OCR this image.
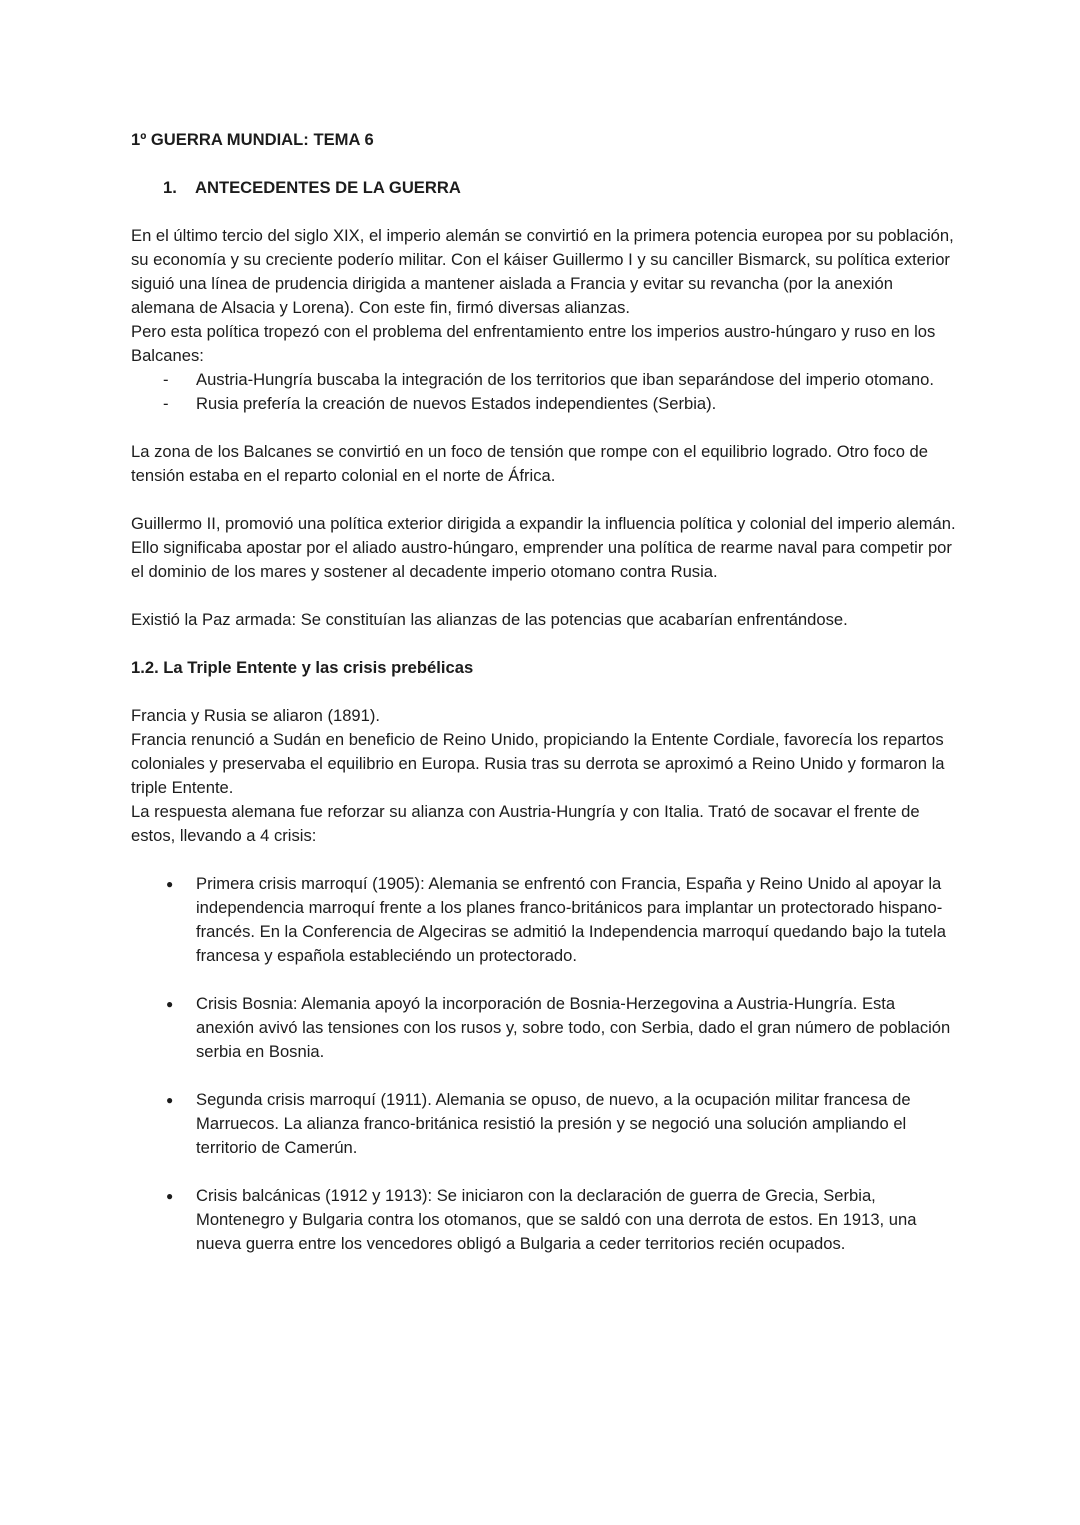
1º GUERRA MUNDIAL: TEMA 6

1.	ANTECEDENTES DE LA GUERRA

En el último tercio del siglo XIX, el imperio alemán se convirtió en la primera potencia europea por su población, su economía y su creciente poderío militar. Con el káiser Guillermo I y su canciller Bismarck, su política exterior siguió una línea de prudencia dirigida a mantener aislada a Francia y evitar su revancha (por la anexión alemana de Alsacia y Lorena). Con este fin, firmó diversas alianzas.

Pero esta política tropezó con el problema del enfrentamiento entre los imperios austro-húngaro y ruso en los Balcanes:

- Austria-Hungría buscaba la integración de los territorios que iban separándose del imperio otomano.
- Rusia prefería la creación de nuevos Estados independientes (Serbia).

La zona de los Balcanes se convirtió en un foco de tensión que rompe con el equilibrio logrado. Otro foco de tensión estaba en el reparto colonial en el norte de África.

Guillermo II, promovió una política exterior dirigida a expandir la influencia política y colonial del imperio alemán. Ello significaba apostar por el aliado austro-húngaro, emprender una política de rearme naval para competir por el dominio de los mares y sostener al decadente imperio otomano contra Rusia.

Existió la Paz armada: Se constituían las alianzas de las potencias que acabarían enfrentándose.

1.2. La Triple Entente y las crisis prebélicas

Francia y Rusia se aliaron (1891).

Francia renunció a Sudán en beneficio de Reino Unido, propiciando la Entente Cordiale, favorecía los repartos coloniales y preservaba el equilibrio en Europa. Rusia tras su derrota se aproximó a Reino Unido y formaron la triple Entente.

La respuesta alemana fue reforzar su alianza con Austria-Hungría y con Italia. Trató de socavar el frente de estos, llevando a 4 crisis:

● Primera crisis marroquí (1905): Alemania se enfrentó con Francia, España y Reino Unido al apoyar la independencia marroquí frente a los planes franco-británicos para implantar un protectorado hispano-francés. En la Conferencia de Algeciras se admitió la Independencia marroquí quedando bajo la tutela francesa y española estableciéndo un protectorado.
● Crisis Bosnia: Alemania apoyó la incorporación de Bosnia-Herzegovina a Austria-Hungría. Esta anexión avivó las tensiones con los rusos y, sobre todo, con Serbia, dado el gran número de población serbia en Bosnia.
● Segunda crisis marroquí (1911). Alemania se opuso, de nuevo, a la ocupación militar francesa de Marruecos. La alianza franco-británica resistió la presión y se negoció una solución ampliando el territorio de Camerún.
● Crisis balcánicas (1912 y 1913): Se iniciaron con la declaración de guerra de Grecia, Serbia, Montenegro y Bulgaria contra los otomanos, que se saldó con una derrota de estos. En 1913, una nueva guerra entre los vencedores obligó a Bulgaria a ceder territorios recién ocupados.
